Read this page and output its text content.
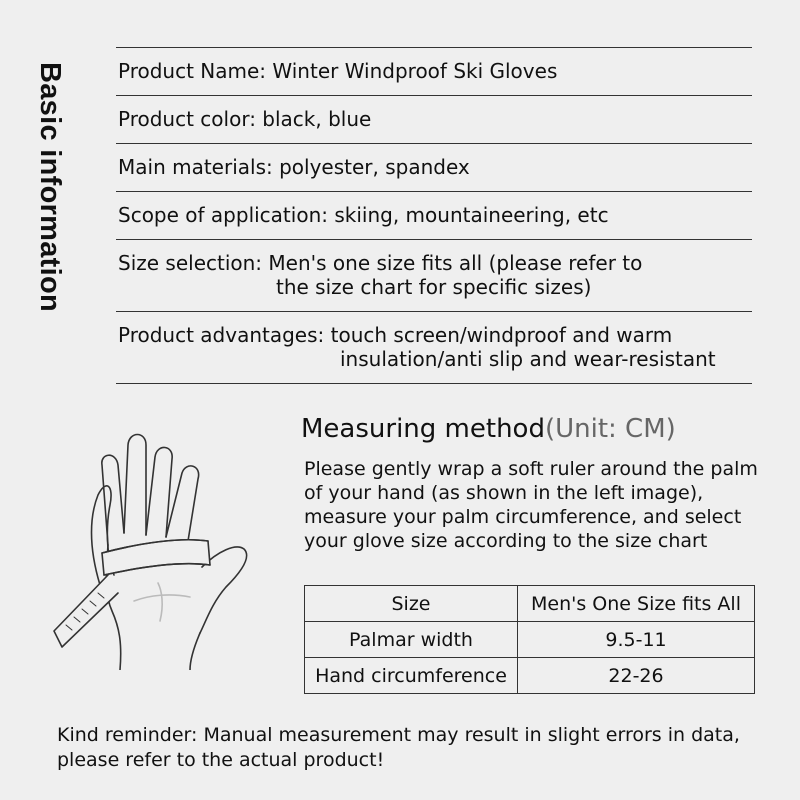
Basic information	Product Name: Winter Windproof Ski Gloves
Product color: black, blue
Main materials: polyester, spandex
Scope of application: skiing, mountaineering, etc
Size selection: Men's one size fits all (please refer to
the size chart for specific sizes)
Product advantages: touch screen/windproof and warm
insulation/anti slip and wear-resistant
Measuring method(Unit: CM)
Please gently wrap a soft ruler around the palm of your hand (as shown in the left image), measure your palm circumference, and select your glove size according to the size chart
Size	Men's One Size fits All
Palmar width	9.5-11
Hand circumference	22-26
Kind reminder: Manual measurement may result in slight errors in data, please refer to the actual product!
